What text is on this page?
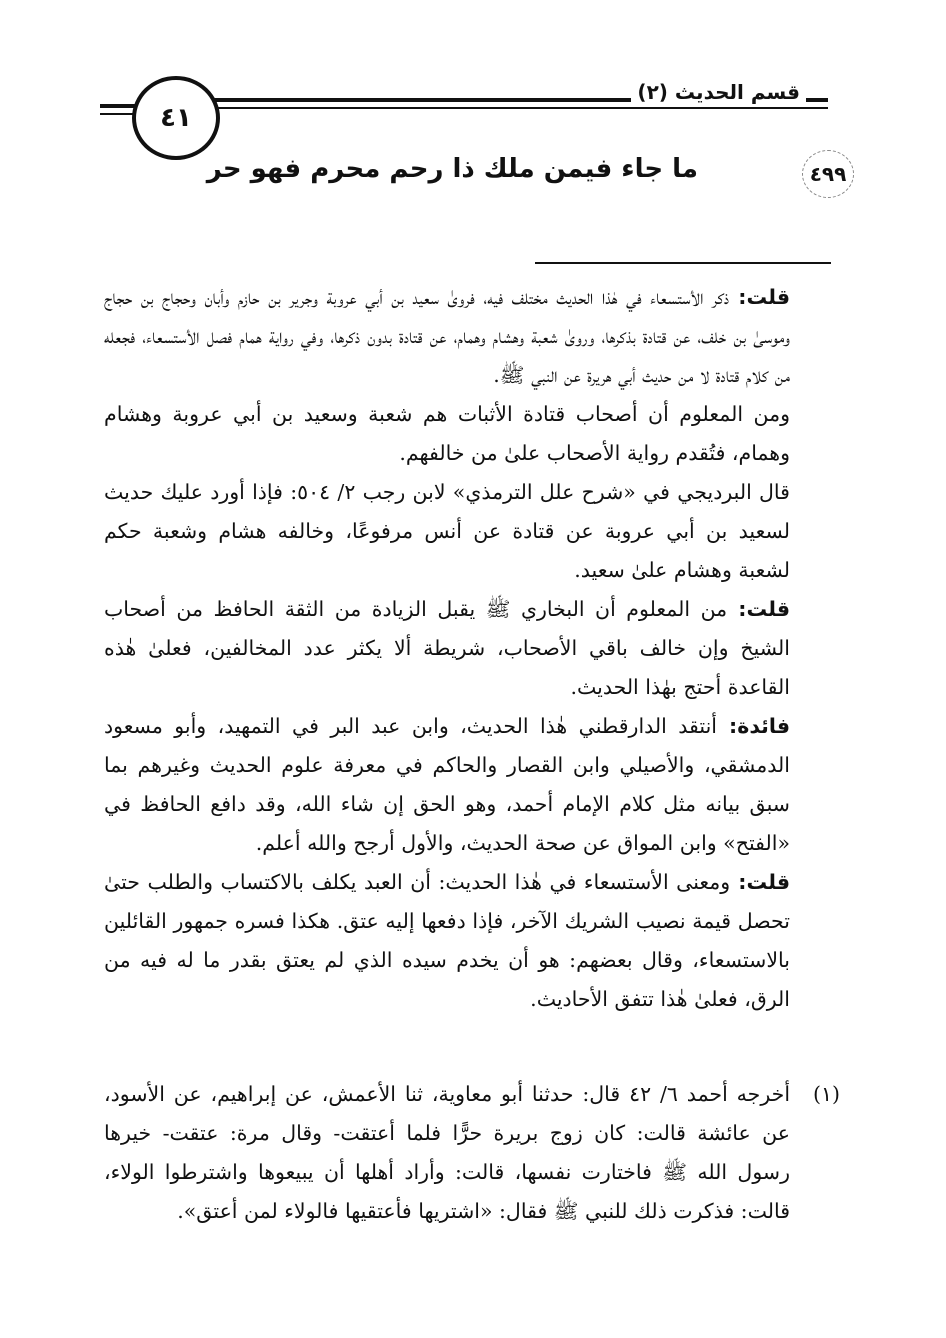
٤١
قسم الحديث (٢)
٤٩٩
ما جاء فيمن ملك ذا رحم محرم فهو حر

قلت: ذكر الأستسعاء في هٰذا الحديث مختلف فيه، فرویٰ سعيد بن أبي عروبة وجرير بن حازم وأبان وحجاج بن حجاج وموسىٰ بن خلف، عن قتادة بذكرها، ورویٰ شعبة وهشام وهمام، عن قتادة بدون ذكرها، وفي رواية همام فصل الأستسعاء، فجعله من كلام قتادة لا من حديث أبي هريرة عن النبي ﷺ.

ومن المعلوم أن أصحاب قتادة الأثبات هم شعبة وسعيد بن أبي عروبة وهشام وهمام، فتُقدم رواية الأصحاب علىٰ من خالفهم.

قال البرديجي في «شرح علل الترمذي» لابن رجب ٢/ ٥٠٤: فإذا أورد عليك حديث لسعيد بن أبي عروبة عن قتادة عن أنس مرفوعًا، وخالفه هشام وشعبة حكم لشعبة وهشام علىٰ سعيد.

قلت: من المعلوم أن البخاري ﷺ يقبل الزيادة من الثقة الحافظ من أصحاب الشيخ وإن خالف باقي الأصحاب، شريطة ألا يكثر عدد المخالفين، فعلىٰ هٰذه القاعدة أحتج بهٰذا الحديث.

فائدة: أنتقد الدارقطني هٰذا الحديث، وابن عبد البر في التمهيد، وأبو مسعود الدمشقي، والأصيلي وابن القصار والحاكم في معرفة علوم الحديث وغيرهم بما سبق بيانه مثل كلام الإمام أحمد، وهو الحق إن شاء الله، وقد دافع الحافظ في «الفتح» وابن المواق عن صحة الحديث، والأول أرجح والله أعلم.

قلت: ومعنى الأستسعاء في هٰذا الحديث: أن العبد يكلف بالاكتساب والطلب حتىٰ تحصل قيمة نصيب الشريك الآخر، فإذا دفعها إليه عتق. هكذا فسره جمهور القائلين بالاستسعاء، وقال بعضهم: هو أن يخدم سيده الذي لم يعتق بقدر ما له فيه من الرق، فعلىٰ هٰذا تتفق الأحاديث.

(١)
أخرجه أحمد ٦/ ٤٢ قال: حدثنا أبو معاوية، ثنا الأعمش، عن إبراهيم، عن الأسود، عن عائشة قالت: كان زوج بريرة حرًّا فلما أعتقت- وقال مرة: عتقت- خيرها رسول الله ﷺ فاختارت نفسها، قالت: وأراد أهلها أن يبيعوها واشترطوا الولاء، قالت: فذكرت ذلك للنبي ﷺ فقال: «اشتريها فأعتقيها فالولاء لمن أعتق».
